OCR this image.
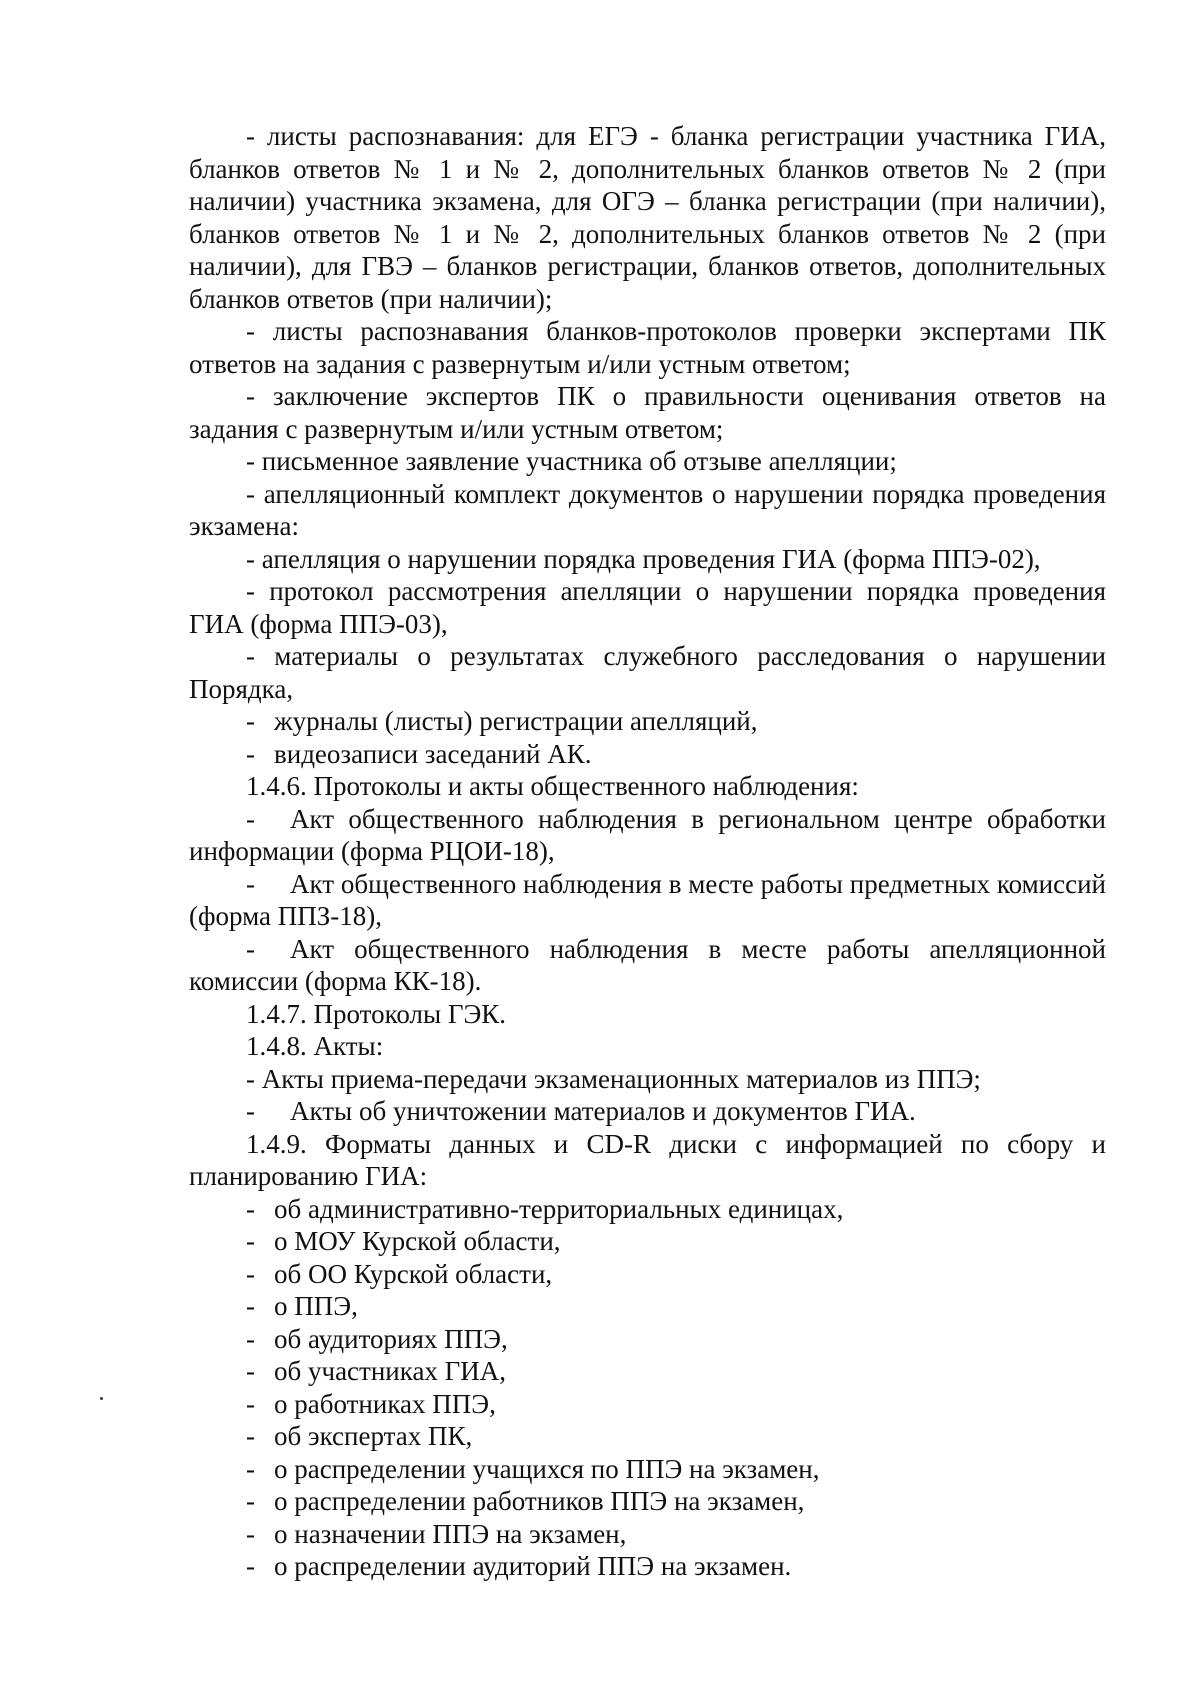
- листы распознавания: для ЕГЭ - бланка регистрации участника ГИА, бланков ответов № 1 и № 2, дополнительных бланков ответов № 2 (при наличии) участника экзамена, для ОГЭ – бланка регистрации (при наличии), бланков ответов № 1 и № 2, дополнительных бланков ответов № 2 (при наличии), для ГВЭ – бланков регистрации, бланков ответов, дополнительных бланков ответов (при наличии);

- листы распознавания бланков-протоколов проверки экспертами ПК ответов на задания с развернутым и/или устным ответом;

- заключение экспертов ПК о правильности оценивания ответов на задания с развернутым и/или устным ответом;

- письменное заявление участника об отзыве апелляции;

- апелляционный комплект документов о нарушении порядка проведения экзамена:

- апелляция о нарушении порядка проведения ГИА (форма ППЭ-02),

- протокол рассмотрения апелляции о нарушении порядка проведения ГИА (форма ППЭ-03),

- материалы о результатах служебного расследования о нарушении Порядка,

- журналы (листы) регистрации апелляций,

- видеозаписи заседаний АК.

1.4.6. Протоколы и акты общественного наблюдения:

- Акт общественного наблюдения в региональном центре обработки информации (форма РЦОИ-18),

- Акт общественного наблюдения в месте работы предметных комиссий (форма ППЗ-18),

- Акт общественного наблюдения в месте работы апелляционной комиссии (форма КК-18).

1.4.7. Протоколы ГЭК.

1.4.8. Акты:

- Акты приема-передачи экзаменационных материалов из ППЭ;

- Акты об уничтожении материалов и документов ГИА.

1.4.9. Форматы данных и CD-R диски с информацией по сбору и планированию ГИА:

- об административно-территориальных единицах,

- о МОУ Курской области,

- об ОО Курской области,

- о ППЭ,

- об аудиториях ППЭ,

- об участниках ГИА,

- о работниках ППЭ,

- об экспертах ПК,

- о распределении учащихся по ППЭ на экзамен,

- о распределении работников ППЭ на экзамен,

- о назначении ППЭ на экзамен,

- о распределении аудиторий ППЭ на экзамен.
